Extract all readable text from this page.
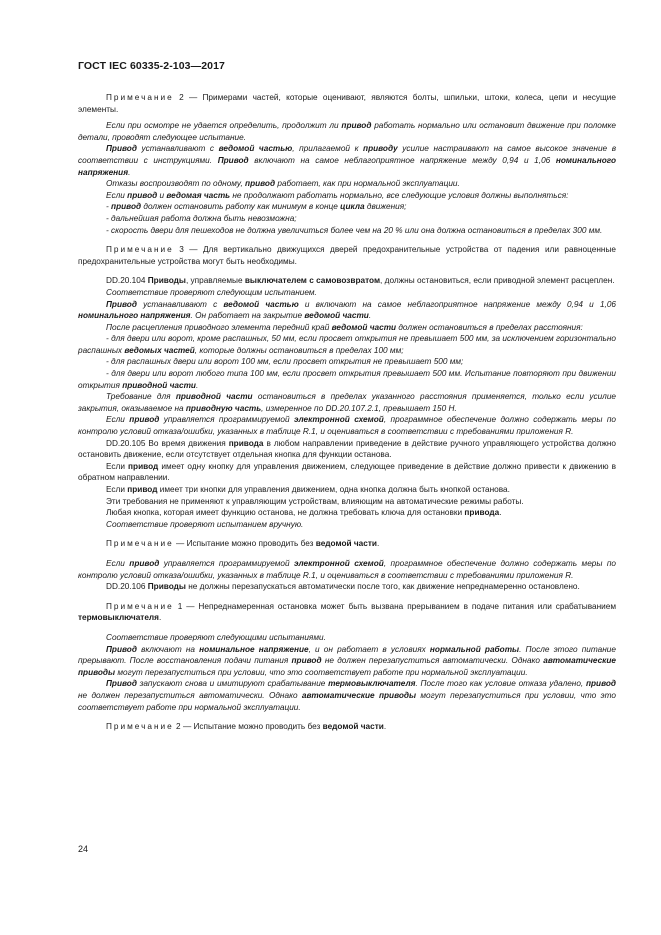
ГОСТ IEC 60335-2-103—2017

Примечание 2 — Примерами частей, которые оценивают, являются болты, шпильки, штоки, колеса, цепи и несущие элементы.

Если при осмотре не удается определить, продолжит ли привод работать нормально или остановит движение при поломке детали, проводят следующее испытание.

Привод устанавливают с ведомой частью, прилагаемой к приводу усилие настраивают на самое высокое значение в соответствии с инструкциями. Привод включают на самое неблагоприятное напряжение между 0,94 и 1,06 номинального напряжения.

Отказы воспроизводят по одному, привод работает, как при нормальной эксплуатации.

Если привод и ведомая часть не продолжают работать нормально, все следующие условия должны выполняться:

- привод должен остановить работу как минимум в конце цикла движения;

- дальнейшая работа должна быть невозможна;

- скорость двери для пешеходов не должна увеличиться более чем на 20 % или она должна остановиться в пределах 300 мм.

Примечание 3 — Для вертикально движущихся дверей предохранительные устройства от падения или равноценные предохранительные устройства могут быть необходимы.

DD.20.104 Приводы, управляемые выключателем с самовозвратом, должны остановиться, если приводной элемент расцеплен.

Соответствие проверяют следующим испытанием.

Привод устанавливают с ведомой частью и включают на самое неблагоприятное напряжение между 0,94 и 1,06 номинального напряжения. Он работает на закрытие ведомой части.

После расцепления приводного элемента передний край ведомой части должен остановиться в пределах расстояния:

- для двери или ворот, кроме распашных, 50 мм, если просвет открытия не превышает 500 мм, за исключением горизонтально распашных ведомых частей, которые должны остановиться в пределах 100 мм;

- для распашных двери или ворот 100 мм, если просвет открытия не превышает 500 мм;

- для двери или ворот любого типа 100 мм, если просвет открытия превышает 500 мм. Испытание повторяют при движении открытия приводной части.

Требование для приводной части остановиться в пределах указанного расстояния применяется, только если усилие закрытия, оказываемое на приводную часть, измеренное по DD.20.107.2.1, превышает 150 Н.

Если привод управляется программируемой электронной схемой, программное обеспечение должно содержать меры по контролю условий отказа/ошибки, указанных в таблице R.1, и оцениваться в соответствии с требованиями приложения R.

DD.20.105 Во время движения привода в любом направлении приведение в действие ручного управляющего устройства должно остановить движение, если отсутствует отдельная кнопка для функции останова.

Если привод имеет одну кнопку для управления движением, следующее приведение в действие должно привести к движению в обратном направлении.

Если привод имеет три кнопки для управления движением, одна кнопка должна быть кнопкой останова.

Эти требования не применяют к управляющим устройствам, влияющим на автоматические режимы работы.

Любая кнопка, которая имеет функцию останова, не должна требовать ключа для остановки привода.

Соответствие проверяют испытанием вручную.

Примечание — Испытание можно проводить без ведомой части.

Если привод управляется программируемой электронной схемой, программное обеспечение должно содержать меры по контролю условий отказа/ошибки, указанных в таблице R.1, и оцениваться в соответствии с требованиями приложения R.

DD.20.106 Приводы не должны перезапускаться автоматически после того, как движение непреднамеренно остановлено.

Примечание 1 — Непреднамеренная остановка может быть вызвана прерыванием в подаче питания или срабатыванием термовыключателя.

Соответствие проверяют следующими испытаниями.

Привод включают на номинальное напряжение, и он работает в условиях нормальной работы. После этого питание прерывают. После восстановления подачи питания привод не должен перезапуститься автоматически. Однако автоматические приводы могут перезапуститься при условии, что это соответствует работе при нормальной эксплуатации.

Привод запускают снова и имитируют срабатывание термовыключателя. После того как условие отказа удалено, привод не должен перезапуститься автоматически. Однако автоматические приводы могут перезапуститься при условии, что это соответствует работе при нормальной эксплуатации.

Примечание 2 — Испытание можно проводить без ведомой части.

24
